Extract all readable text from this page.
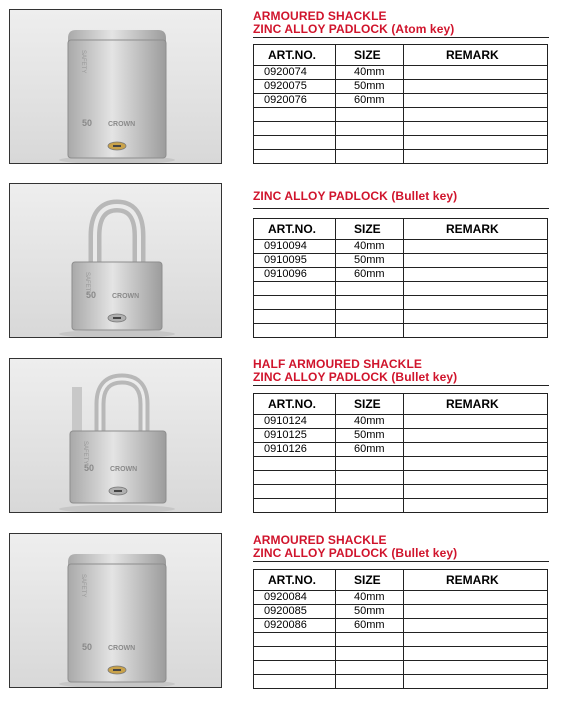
50 CROWN
SAFETY
ARMOURED SHACKLE
ZINC ALLOY PADLOCK (Atom key)
ART.NO.	SIZE	REMARK
0920074	40mm	
0920075	50mm	
0920076	60mm	

50 CROWN
SAFETY
ZINC ALLOY PADLOCK (Bullet key)
ART.NO.	SIZE	REMARK
0910094	40mm	
0910095	50mm	
0910096	60mm	

50 CROWN
SAFETY
HALF ARMOURED SHACKLE
ZINC ALLOY PADLOCK (Bullet key)
ART.NO.	SIZE	REMARK
0910124	40mm	
0910125	50mm	
0910126	60mm	

50 CROWN
SAFETY
ARMOURED SHACKLE
ZINC ALLOY PADLOCK (Bullet key)
ART.NO.	SIZE	REMARK
0920084	40mm	
0920085	50mm	
0920086	60mm	
